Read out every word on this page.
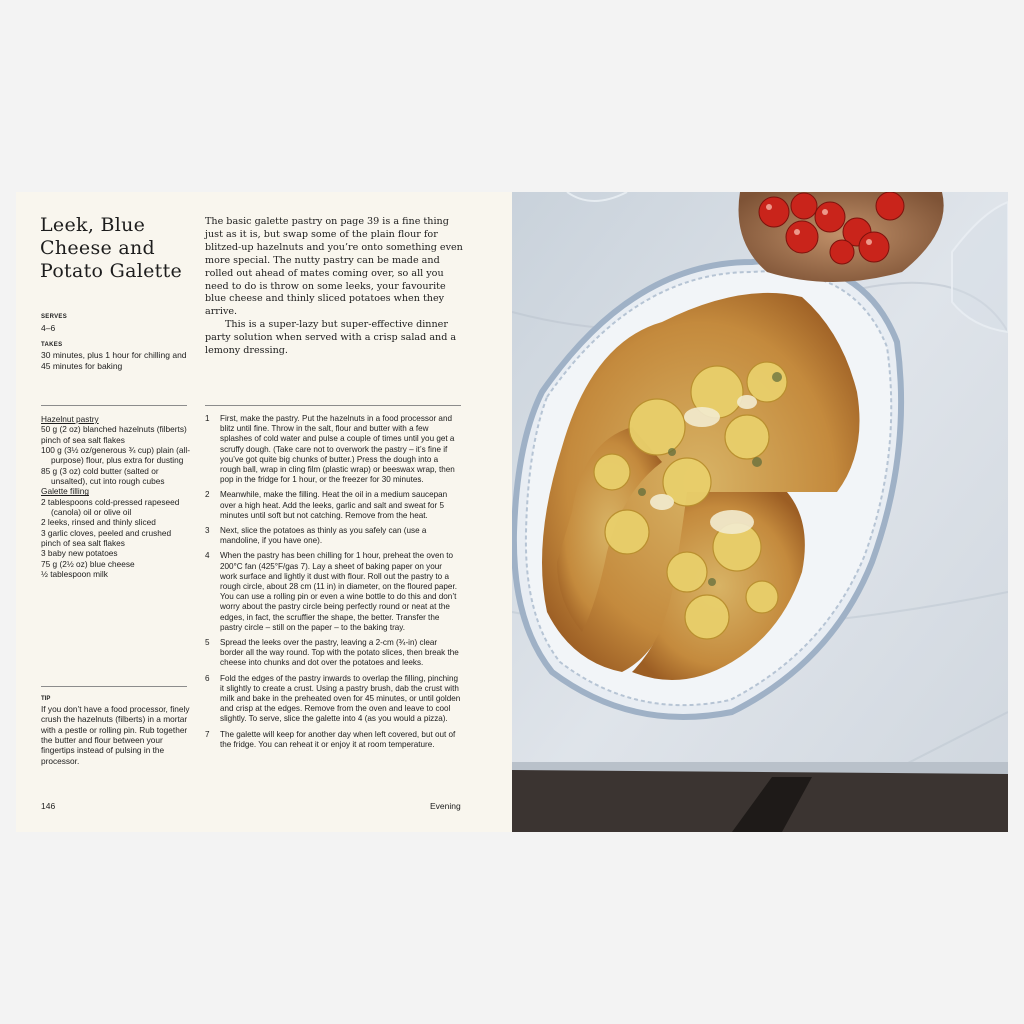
Leek, Blue Cheese and Potato Galette
SERVES
4–6
TAKES
30 minutes, plus 1 hour for chilling and 45 minutes for baking

The basic galette pastry on page 39 is a fine thing just as it is, but swap some of the plain flour for blitzed-up hazelnuts and you’re onto something even more special. The nutty pastry can be made and rolled out ahead of mates coming over, so all you need to do is throw on some leeks, your favourite blue cheese and thinly sliced potatoes when they arrive.

This is a super-lazy but super-effective dinner party solution when served with a crisp salad and a lemony dressing.

Hazelnut pastry
50 g (2 oz) blanched hazelnuts (filberts)
pinch of sea salt flakes
100 g (3½ oz/generous ¾ cup) plain (all-purpose) flour, plus extra for dusting
85 g (3 oz) cold butter (salted or unsalted), cut into rough cubes
Galette filling
2 tablespoons cold-pressed rapeseed (canola) oil or olive oil
2 leeks, rinsed and thinly sliced
3 garlic cloves, peeled and crushed
pinch of sea salt flakes
3 baby new potatoes
75 g (2½ oz) blue cheese
½ tablespoon milk
TIP
If you don’t have a food processor, finely crush the hazelnuts (filberts) in a mortar with a pestle or rolling pin. Rub together the butter and flour between your fingertips instead of pulsing in the processor.
1 First, make the pastry. Put the hazelnuts in a food processor and blitz until fine. Throw in the salt, flour and butter with a few splashes of cold water and pulse a couple of times until you get a scruffy dough. (Take care not to overwork the pastry – it’s fine if you’ve got quite big chunks of butter.) Press the dough into a rough ball, wrap in cling film (plastic wrap) or beeswax wrap, then pop in the fridge for 1 hour, or the freezer for 30 minutes.
2 Meanwhile, make the filling. Heat the oil in a medium saucepan over a high heat. Add the leeks, garlic and salt and sweat for 5 minutes until soft but not catching. Remove from the heat.
3 Next, slice the potatoes as thinly as you safely can (use a mandoline, if you have one).
4 When the pastry has been chilling for 1 hour, preheat the oven to 200°C fan (425°F/gas 7). Lay a sheet of baking paper on your work surface and lightly it dust with flour. Roll out the pastry to a rough circle, about 28 cm (11 in) in diameter, on the floured paper. You can use a rolling pin or even a wine bottle to do this and don’t worry about the pastry circle being perfectly round or neat at the edges, in fact, the scruffier the shape, the better. Transfer the pastry circle – still on the paper – to the baking tray.
5 Spread the leeks over the pastry, leaving a 2-cm (¾-in) clear border all the way round. Top with the potato slices, then break the cheese into chunks and dot over the potatoes and leeks.
6 Fold the edges of the pastry inwards to overlap the filling, pinching it slightly to create a crust. Using a pastry brush, dab the crust with milk and bake in the preheated oven for 45 minutes, or until golden and crisp at the edges. Remove from the oven and leave to cool slightly. To serve, slice the galette into 4 (as you would a pizza).
7 The galette will keep for another day when left covered, but out of the fridge. You can reheat it or enjoy it at room temperature.
146	Evening
